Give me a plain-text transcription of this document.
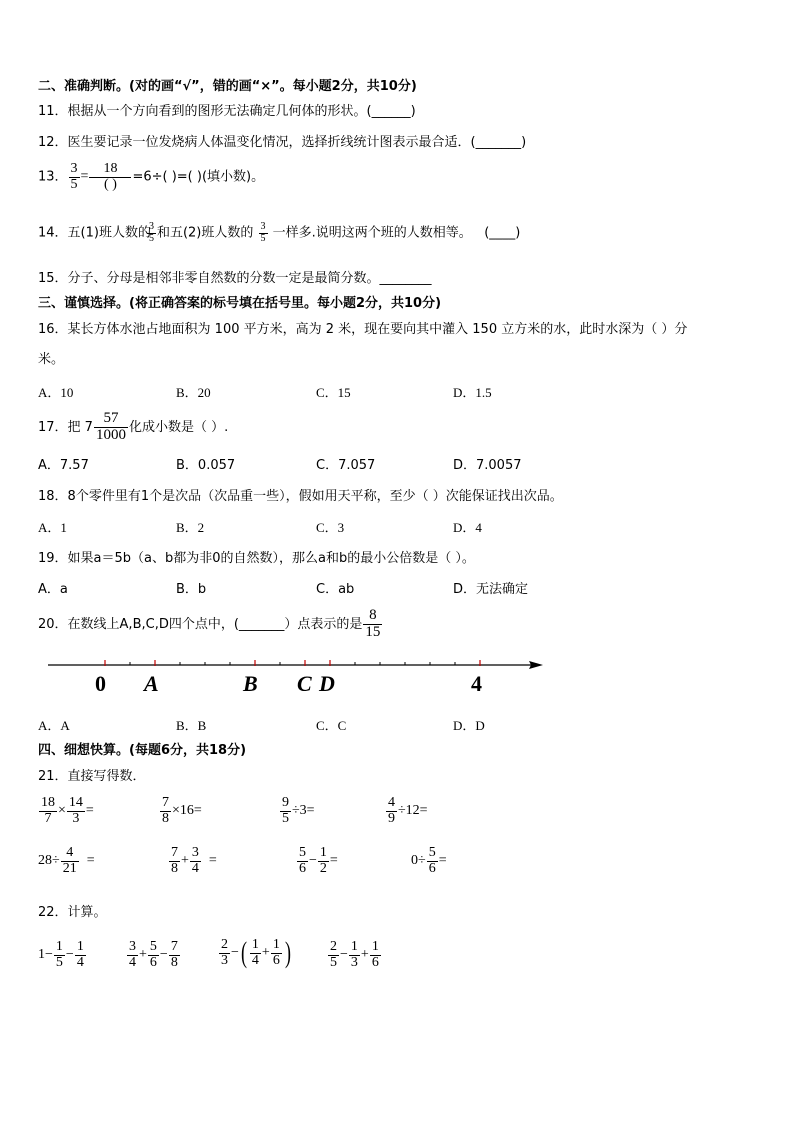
二、准确判断。(对的画“√”，错的画“×”。每小题2分，共10分)
11．根据从一个方向看到的图形无法确定几何体的形状。(______)
12．医生要记录一位发烧病人体温变化情况，选择折线统计图表示最合适．(_______)
13． $\frac{3}{5} = \frac{18}{( )} =6\div$( )=( )(填小数)。
14．五(1)班人数的
$\frac{3}{5}$ 和五(2)班人数的 $\frac{3}{5}$ 一样多.说明这两个班的人数相等。 (____)
15．分子、分母是相邻非零自然数的分数一定是最简分数。________
三、谨慎选择。(将正确答案的标号填在括号里。每小题2分，共10分)
16．某长方体水池占地面积为 100 平方米，高为 2 米，现在要向其中灌入 150 立方米的水，此时水深为（ ）分
米。
A．10	B．20	C．15	D．1.5
17．把 $7 \frac{57}{1000}$ 化成小数是（ ）.
A．7.57	B．0.057	C．7.057	D．7.0057
18．8个零件里有1个是次品（次品重一些），假如用天平称，至少（ ）次能保证找出次品。
A．1	B．2	C．3	D．4
19．如果a＝5b（a、b都为非0的自然数），那么a和b的最小公倍数是（ ）。
A．a	B．b	C．ab	D．无法确定
20．在数线上A,B,C,D四个点中，(_______）点表示的是 $\frac{8}{15}$
0 A	B C D	4
A．A	B．B	C．C	D．D
四、细想快算。(每题6分，共18分)
21．直接写得数．
$\frac{18}{7} \times \frac{14}{3}$ =	$\frac{7}{8} \times 16=$	$\frac{9}{5} \div 3=$	$\frac{4}{9} \div 12=$
$28\div \frac{4}{21}$ =	$\frac{7}{8} + \frac{3}{4}$ =	$\frac{5}{6} - \frac{1}{2}$ =	$0\div \frac{5}{6}$ =
22．计算。
$1- \frac{1}{5} - \frac{1}{4}$	$\frac{3}{4} + \frac{5}{6} - \frac{7}{8}$	$\frac{2}{3}$ −( $\frac{1}{4} + \frac{1}{6}$ )	$\frac{2}{5} - \frac{1}{3} + \frac{1}{6}$
